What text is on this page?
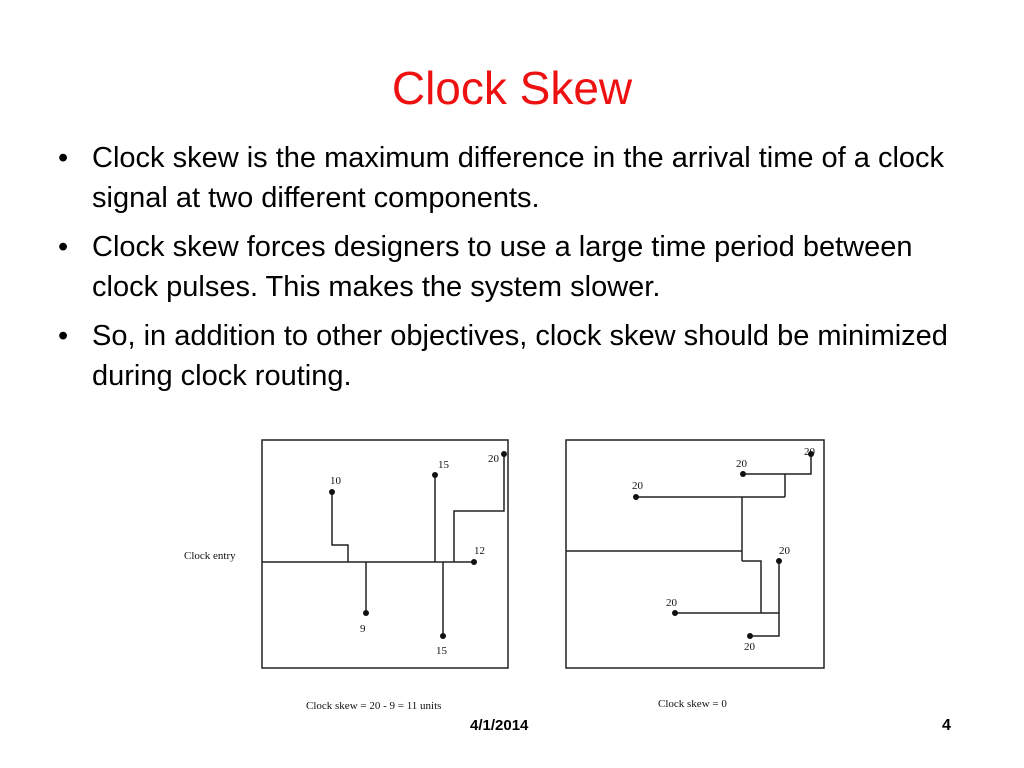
Clock Skew
• Clock skew is the maximum difference in the arrival time of a clock signal at two different components.
• Clock skew forces designers to use a large time period between clock pulses. This makes the system slower.
• So, in addition to other objectives, clock skew should be minimized during clock routing.
Clock entry
10
15	20
12
9
15
Clock skew = 20 - 9 = 11 units
20
20
20
20
20
20
Clock skew = 0
4/1/2014	4
